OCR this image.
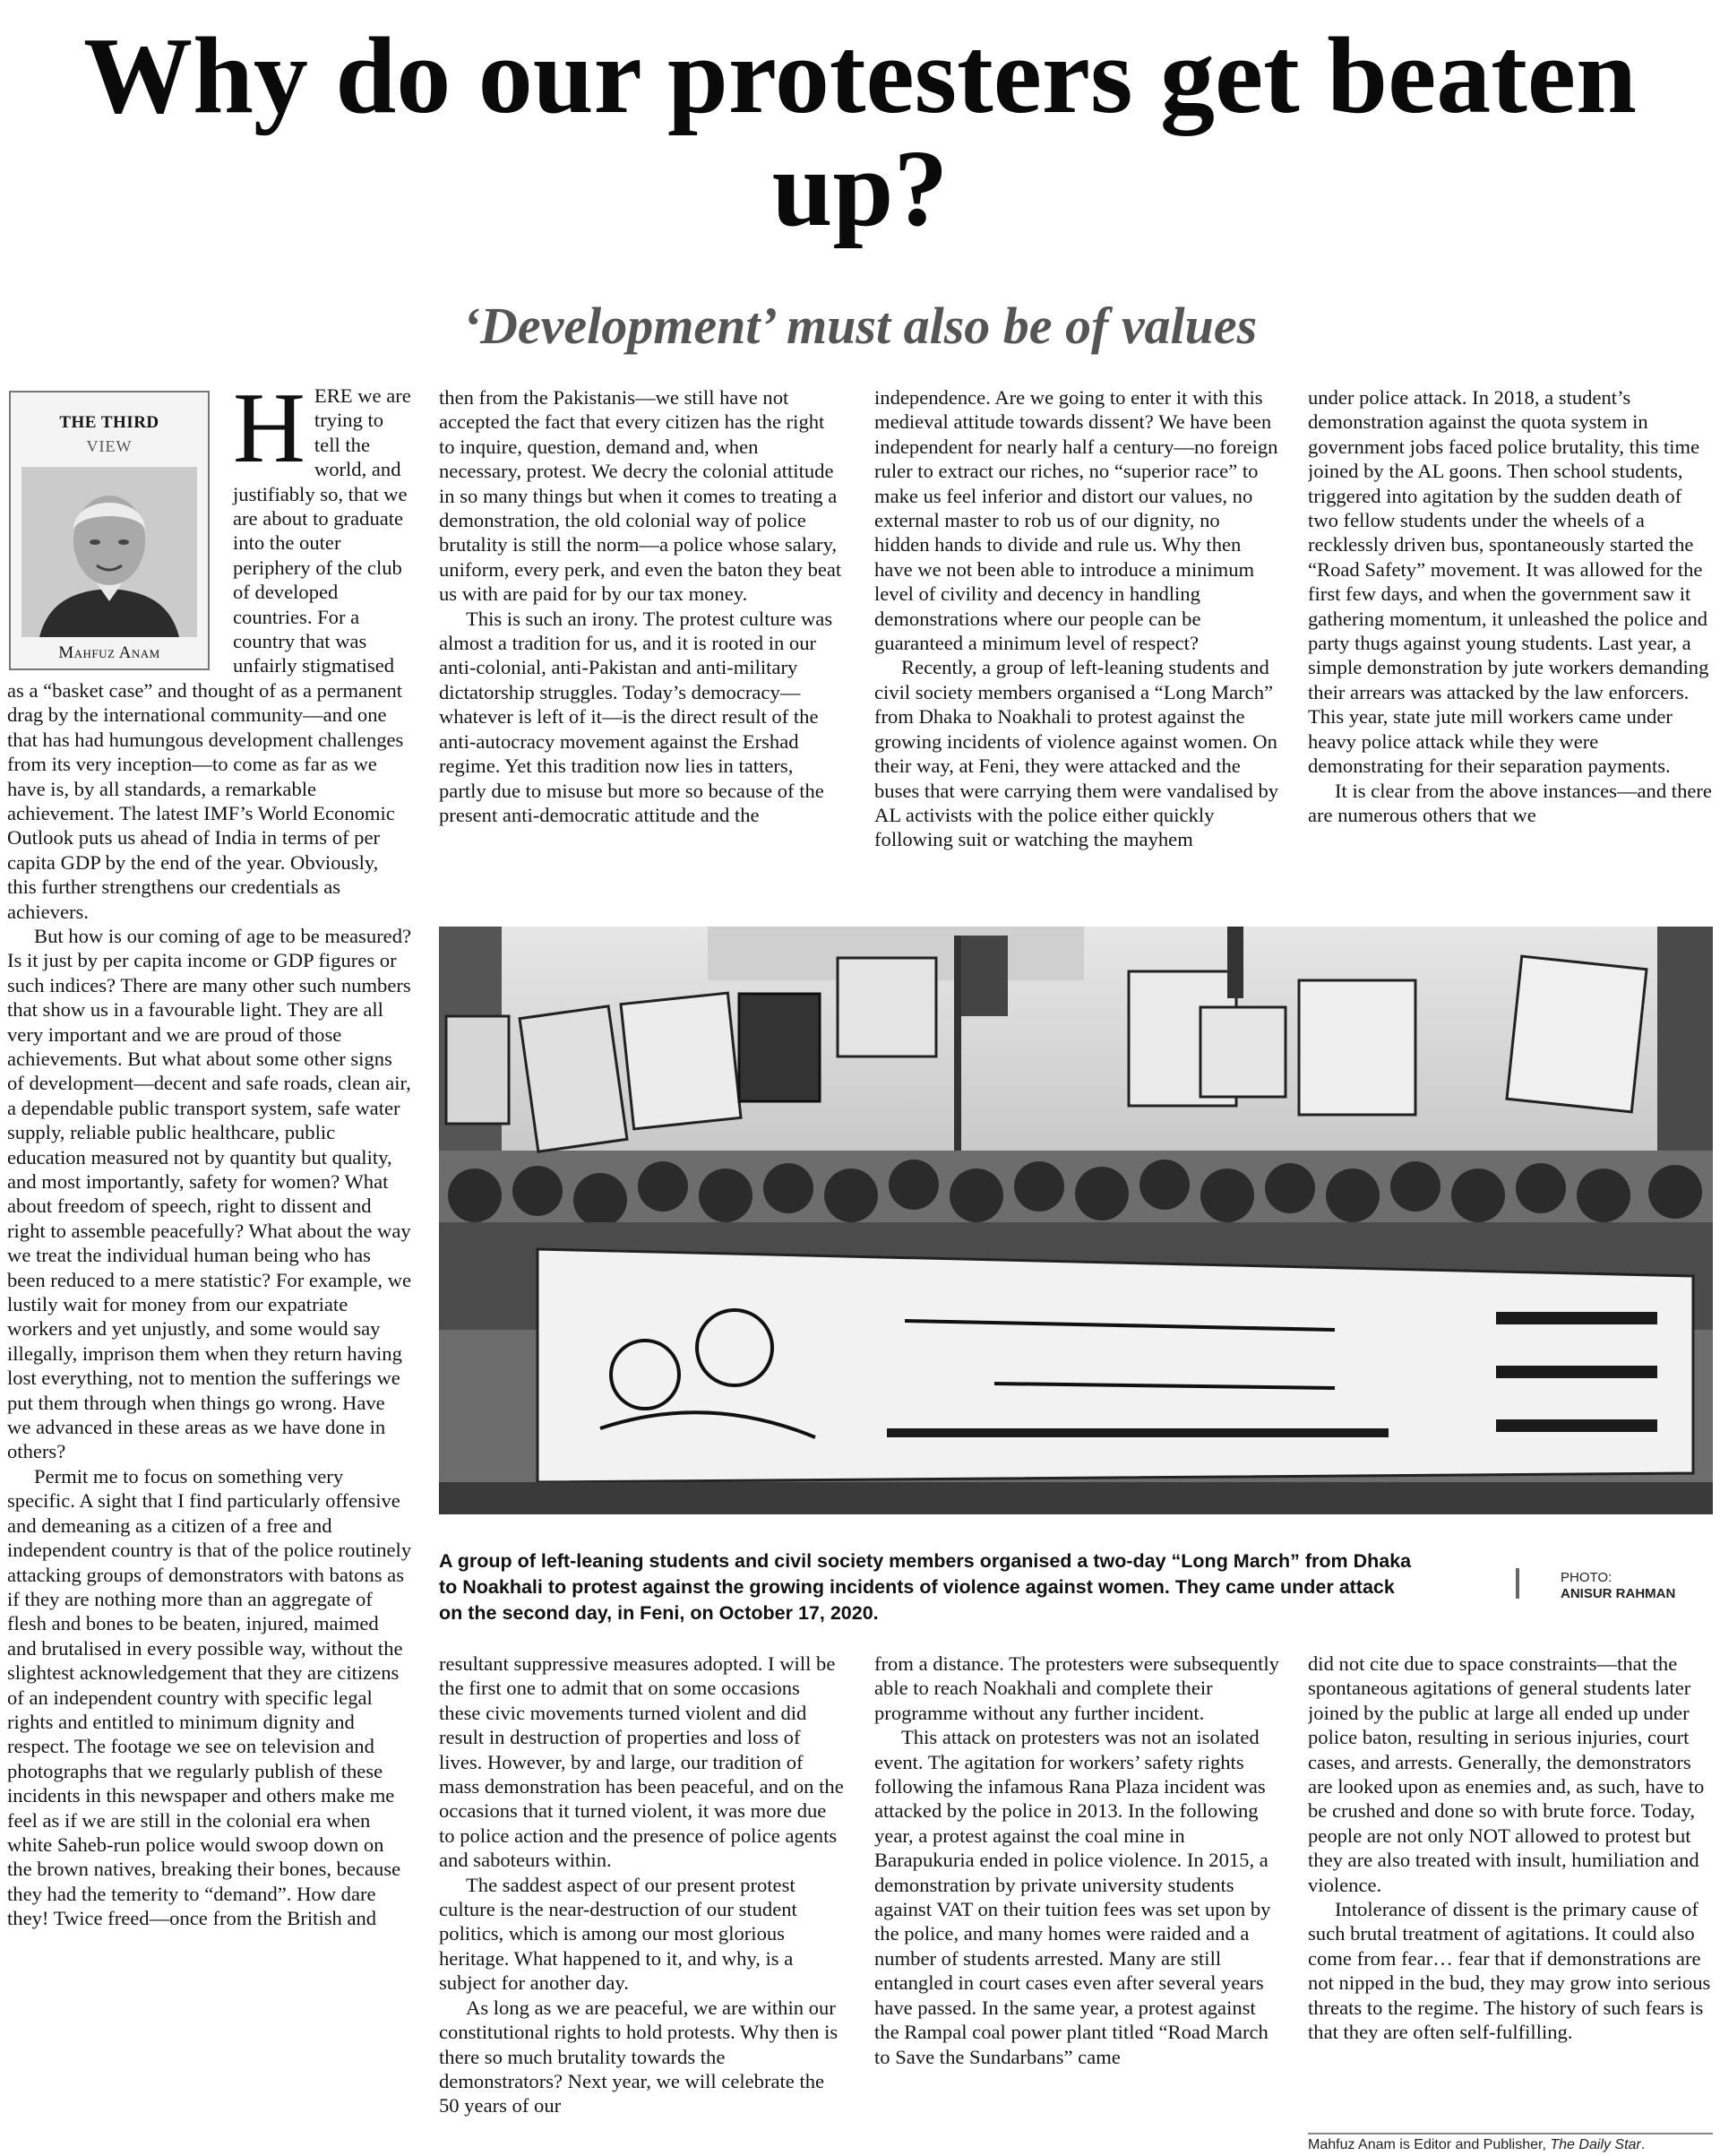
Why do our protesters get beaten up?
‘Development’ must also be of values
THE THIRD
VIEW
Mahfuz Anam
H ERE we are trying to tell the world, and justifiably so, that we are about to graduate into the outer periphery of the club of developed countries. For a country that was unfairly stigmatised as a “basket case” and thought of as a permanent drag by the international community—and one that has had humungous development challenges from its very inception—to come as far as we have is, by all standards, a remarkable achievement. The latest IMF’s World Economic Outlook puts us ahead of India in terms of per capita GDP by the end of the year. Obviously, this further strengthens our credentials as achievers.

But how is our coming of age to be measured? Is it just by per capita income or GDP figures or such indices? There are many other such numbers that show us in a favourable light. They are all very important and we are proud of those achievements. But what about some other signs of development—decent and safe roads, clean air, a dependable public transport system, safe water supply, reliable public healthcare, public education measured not by quantity but quality, and most importantly, safety for women? What about freedom of speech, right to dissent and right to assemble peacefully? What about the way we treat the individual human being who has been reduced to a mere statistic? For example, we lustily wait for money from our expatriate workers and yet unjustly, and some would say illegally, imprison them when they return having lost everything, not to mention the sufferings we put them through when things go wrong. Have we advanced in these areas as we have done in others?

Permit me to focus on something very specific. A sight that I find particularly offensive and demeaning as a citizen of a free and independent country is that of the police routinely attacking groups of demonstrators with batons as if they are nothing more than an aggregate of flesh and bones to be beaten, injured, maimed and brutalised in every possible way, without the slightest acknowledgement that they are citizens of an independent country with specific legal rights and entitled to minimum dignity and respect. The footage we see on television and photographs that we regularly publish of these incidents in this newspaper and others make me feel as if we are still in the colonial era when white Saheb-run police would swoop down on the brown natives, breaking their bones, because they had the temerity to “demand”. How dare they! Twice freed—once from the British and

then from the Pakistanis—we still have not accepted the fact that every citizen has the right to inquire, question, demand and, when necessary, protest. We decry the colonial attitude in so many things but when it comes to treating a demonstration, the old colonial way of police brutality is still the norm—a police whose salary, uniform, every perk, and even the baton they beat us with are paid for by our tax money.

This is such an irony. The protest culture was almost a tradition for us, and it is rooted in our anti-colonial, anti-Pakistan and anti-military dictatorship struggles. Today’s democracy—whatever is left of it—is the direct result of the anti-autocracy movement against the Ershad regime. Yet this tradition now lies in tatters, partly due to misuse but more so because of the present anti-democratic attitude and the

independence. Are we going to enter it with this medieval attitude towards dissent? We have been independent for nearly half a century—no foreign ruler to extract our riches, no “superior race” to make us feel inferior and distort our values, no external master to rob us of our dignity, no hidden hands to divide and rule us. Why then have we not been able to introduce a minimum level of civility and decency in handling demonstrations where our people can be guaranteed a minimum level of respect?

Recently, a group of left-leaning students and civil society members organised a “Long March” from Dhaka to Noakhali to protest against the growing incidents of violence against women. On their way, at Feni, they were attacked and the buses that were carrying them were vandalised by AL activists with the police either quickly following suit or watching the mayhem

under police attack. In 2018, a student’s demonstration against the quota system in government jobs faced police brutality, this time joined by the AL goons. Then school students, triggered into agitation by the sudden death of two fellow students under the wheels of a recklessly driven bus, spontaneously started the “Road Safety” movement. It was allowed for the first few days, and when the government saw it gathering momentum, it unleashed the police and party thugs against young students. Last year, a simple demonstration by jute workers demanding their arrears was attacked by the law enforcers. This year, state jute mill workers came under heavy police attack while they were demonstrating for their separation payments.

It is clear from the above instances—and there are numerous others that we

A group of left-leaning students and civil society members organised a two-day “Long March” from Dhaka to Noakhali to protest against the growing incidents of violence against women. They came under attack on the second day, in Feni, on October 17, 2020.
PHOTO:
ANISUR RAHMAN

resultant suppressive measures adopted. I will be the first one to admit that on some occasions these civic movements turned violent and did result in destruction of properties and loss of lives. However, by and large, our tradition of mass demonstration has been peaceful, and on the occasions that it turned violent, it was more due to police action and the presence of police agents and saboteurs within.

The saddest aspect of our present protest culture is the near-destruction of our student politics, which is among our most glorious heritage. What happened to it, and why, is a subject for another day.

As long as we are peaceful, we are within our constitutional rights to hold protests. Why then is there so much brutality towards the demonstrators? Next year, we will celebrate the 50 years of our

from a distance. The protesters were subsequently able to reach Noakhali and complete their programme without any further incident.

This attack on protesters was not an isolated event. The agitation for workers’ safety rights following the infamous Rana Plaza incident was attacked by the police in 2013. In the following year, a protest against the coal mine in Barapukuria ended in police violence. In 2015, a demonstration by private university students against VAT on their tuition fees was set upon by the police, and many homes were raided and a number of students arrested. Many are still entangled in court cases even after several years have passed. In the same year, a protest against the Rampal coal power plant titled “Road March to Save the Sundarbans” came

did not cite due to space constraints—that the spontaneous agitations of general students later joined by the public at large all ended up under police baton, resulting in serious injuries, court cases, and arrests. Generally, the demonstrators are looked upon as enemies and, as such, have to be crushed and done so with brute force. Today, people are not only NOT allowed to protest but they are also treated with insult, humiliation and violence.

Intolerance of dissent is the primary cause of such brutal treatment of agitations. It could also come from fear… fear that if demonstrations are not nipped in the bud, they may grow into serious threats to the regime. The history of such fears is that they are often self-fulfilling.

Mahfuz Anam is Editor and Publisher, The Daily Star.
